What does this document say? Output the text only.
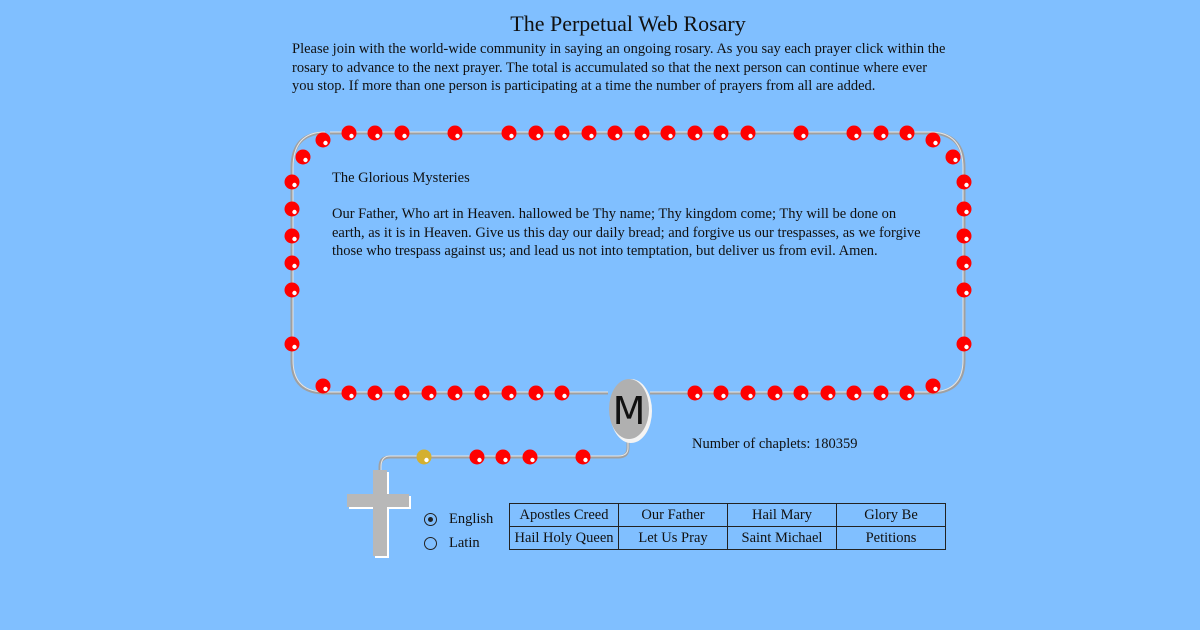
The Perpetual Web Rosary
Please join with the world-wide community in saying an ongoing rosary. As you say each prayer click within the rosary to advance to the next prayer. The total is accumulated so that the next person can continue where ever you stop. If more than one person is participating at a time the number of prayers from all are added.
M
The Glorious Mysteries
Our Father, Who art in Heaven. hallowed be Thy name; Thy kingdom come; Thy will be done on earth, as it is in Heaven. Give us this day our daily bread; and forgive us our trespasses, as we forgive those who trespass against us; and lead us not into temptation, but deliver us from evil. Amen.
Number of chaplets: 180359
English
Latin
Apostles Creed	Our Father	Hail Mary	Glory Be
Hail Holy Queen	Let Us Pray	Saint Michael	Petitions
